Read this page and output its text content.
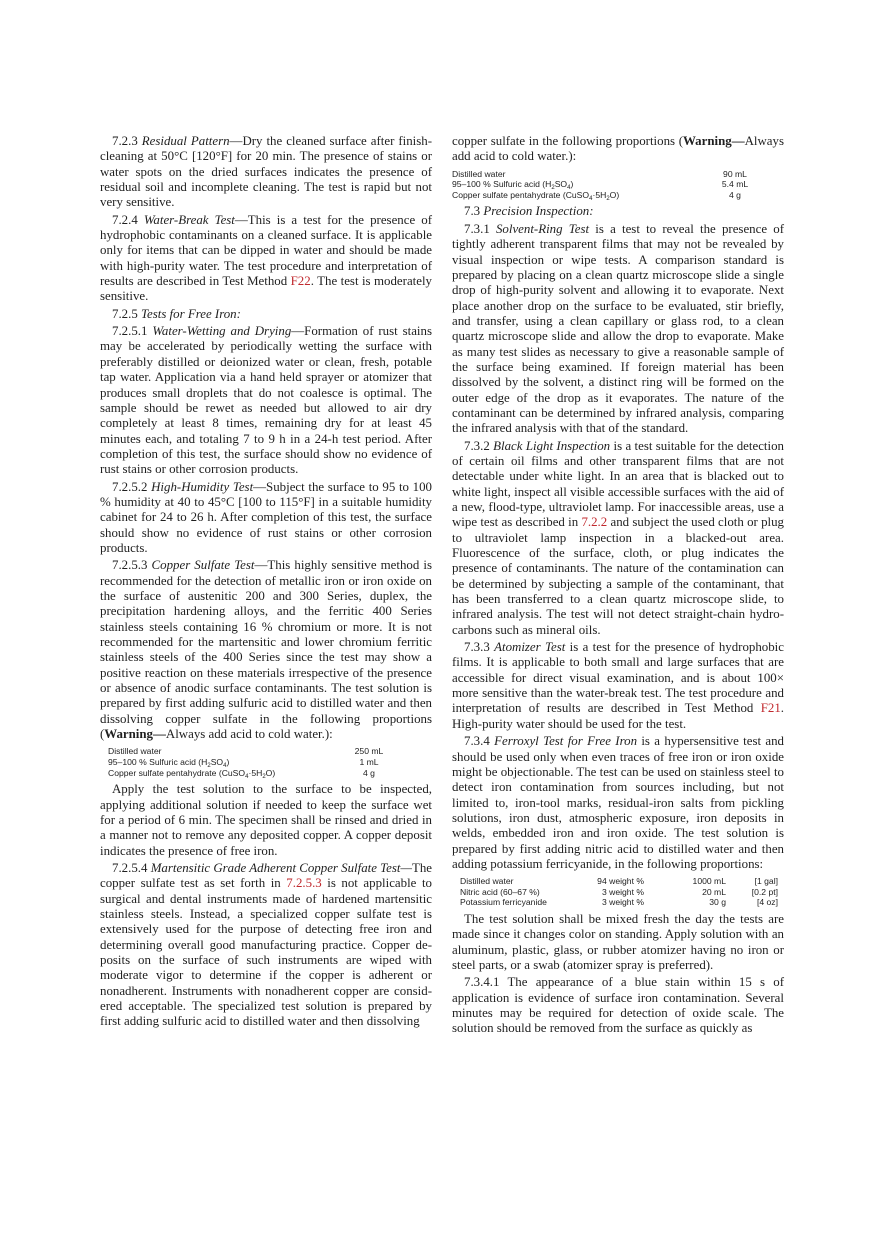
7.2.3 Residual Pattern—Dry the cleaned surface after finish-cleaning at 50°C [120°F] for 20 min. The presence of stains or water spots on the dried surfaces indicates the presence of residual soil and incomplete cleaning. The test is rapid but not very sensitive.

7.2.4 Water-Break Test—This is a test for the presence of hydrophobic contaminants on a cleaned surface. It is applicable only for items that can be dipped in water and should be made with high-purity water. The test procedure and interpretation of results are described in Test Method F22. The test is moderately sensitive.

7.2.5 Tests for Free Iron:

7.2.5.1 Water-Wetting and Drying—Formation of rust stains may be accelerated by periodically wetting the surface with preferably distilled or deionized water or clean, fresh, potable tap water. Application via a hand held sprayer or atomizer that produces small droplets that do not coalesce is optimal. The sample should be rewet as needed but allowed to air dry completely at least 8 times, remaining dry for at least 45 minutes each, and totaling 7 to 9 h in a 24-h test period. After completion of this test, the surface should show no evidence of rust stains or other corrosion products.

7.2.5.2 High-Humidity Test—Subject the surface to 95 to 100 % humidity at 40 to 45°C [100 to 115°F] in a suitable humidity cabinet for 24 to 26 h. After completion of this test, the surface should show no evidence of rust stains or other corrosion products.

7.2.5.3 Copper Sulfate Test—This highly sensitive method is recommended for the detection of metallic iron or iron oxide on the surface of austenitic 200 and 300 Series, duplex, the precipitation hardening alloys, and the ferritic 400 Series stainless steels containing 16 % chromium or more. It is not recommended for the martensitic and lower chromium ferritic stainless steels of the 400 Series since the test may show a positive reaction on these materials irrespective of the presence or absence of anodic surface contaminants. The test solution is prepared by first adding sulfuric acid to distilled water and then dissolving copper sulfate in the following proportions (Warning—Always add acid to cold water.):

Distilled water	250 mL
95–100 % Sulfuric acid $(H_2SO_4)$	1 mL
Copper sulfate pentahydrate $(CuSO_4\cdot 5H_2O)$	4 g

Apply the test solution to the surface to be inspected, applying additional solution if needed to keep the surface wet for a period of 6 min. The specimen shall be rinsed and dried in a manner not to remove any deposited copper. A copper deposit indicates the presence of free iron.

7.2.5.4 Martensitic Grade Adherent Copper Sulfate Test—The copper sulfate test as set forth in 7.2.5.3 is not applicable to surgical and dental instruments made of hardened martensitic stainless steels. Instead, a specialized copper sulfate test is extensively used for the purpose of detecting free iron and determining overall good manufacturing practice. Copper deposits on the surface of such instruments are wiped with moderate vigor to determine if the copper is adherent or nonadherent. Instruments with nonadherent copper are considered acceptable. The specialized test solution is prepared by first adding sulfuric acid to distilled water and then dissolving

copper sulfate in the following proportions (Warning—Always add acid to cold water.):

Distilled water	90 mL
95–100 % Sulfuric acid $(H_2SO_4)$	5.4 mL
Copper sulfate pentahydrate $(CuSO_4\cdot 5H_2O)$	4 g

7.3 Precision Inspection:

7.3.1 Solvent-Ring Test is a test to reveal the presence of tightly adherent transparent films that may not be revealed by visual inspection or wipe tests. A comparison standard is prepared by placing on a clean quartz microscope slide a single drop of high-purity solvent and allowing it to evaporate. Next place another drop on the surface to be evaluated, stir briefly, and transfer, using a clean capillary or glass rod, to a clean quartz microscope slide and allow the drop to evaporate. Make as many test slides as necessary to give a reasonable sample of the surface being examined. If foreign material has been dissolved by the solvent, a distinct ring will be formed on the outer edge of the drop as it evaporates. The nature of the contaminant can be determined by infrared analysis, comparing the infrared analysis with that of the standard.

7.3.2 Black Light Inspection is a test suitable for the detection of certain oil films and other transparent films that are not detectable under white light. In an area that is blacked out to white light, inspect all visible accessible surfaces with the aid of a new, flood-type, ultraviolet lamp. For inaccessible areas, use a wipe test as described in 7.2.2 and subject the used cloth or plug to ultraviolet lamp inspection in a blacked-out area. Fluorescence of the surface, cloth, or plug indicates the presence of contaminants. The nature of the contamination can be determined by subjecting a sample of the contaminant, that has been transferred to a clean quartz microscope slide, to infrared analysis. The test will not detect straight-chain hydrocarbons such as mineral oils.

7.3.3 Atomizer Test is a test for the presence of hydrophobic films. It is applicable to both small and large surfaces that are accessible for direct visual examination, and is about 100× more sensitive than the water-break test. The test procedure and interpretation of results are described in Test Method F21. High-purity water should be used for the test.

7.3.4 Ferroxyl Test for Free Iron is a hypersensitive test and should be used only when even traces of free iron or iron oxide might be objectionable. The test can be used on stainless steel to detect iron contamination from sources including, but not limited to, iron-tool marks, residual-iron salts from pickling solutions, iron dust, atmospheric exposure, iron deposits in welds, embedded iron and iron oxide. The test solution is prepared by first adding nitric acid to distilled water and then adding potassium ferricyanide, in the following proportions:

Distilled water	94 weight %	1000 mL	[1 gal]
Nitric acid (60–67 %)	3 weight %	20 mL	[0.2 pt]
Potassium ferricyanide	3 weight %	30 g	[4 oz]

The test solution shall be mixed fresh the day the tests are made since it changes color on standing. Apply solution with an aluminum, plastic, glass, or rubber atomizer having no iron or steel parts, or a swab (atomizer spray is preferred).

7.3.4.1 The appearance of a blue stain within 15 s of application is evidence of surface iron contamination. Several minutes may be required for detection of oxide scale. The solution should be removed from the surface as quickly as
